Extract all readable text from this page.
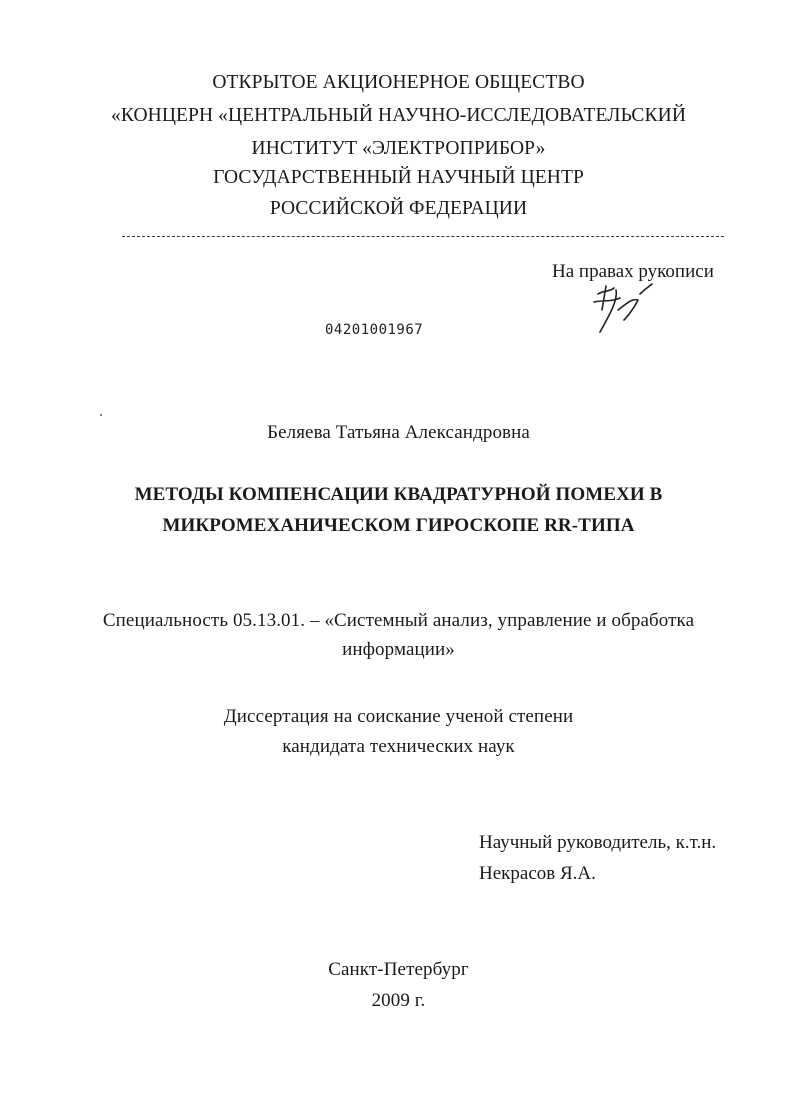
ОТКРЫТОЕ АКЦИОНЕРНОЕ ОБЩЕСТВО
«КОНЦЕРН «ЦЕНТРАЛЬНЫЙ НАУЧНО-ИССЛЕДОВАТЕЛЬСКИЙ
ИНСТИТУТ «ЭЛЕКТРОПРИБОР»
ГОСУДАРСТВЕННЫЙ НАУЧНЫЙ ЦЕНТР
РОССИЙСКОЙ ФЕДЕРАЦИИ
На правах рукописи
04201001967
Беляева Татьяна Александровна
МЕТОДЫ КОМПЕНСАЦИИ КВАДРАТУРНОЙ ПОМЕХИ В
МИКРОМЕХАНИЧЕСКОМ ГИРОСКОПЕ RR-ТИПА
Специальность 05.13.01. – «Системный анализ, управление и обработка
информации»
Диссертация на соискание ученой степени
кандидата технических наук
Научный руководитель, к.т.н.
Некрасов Я.А.
Санкт-Петербург
2009 г.
